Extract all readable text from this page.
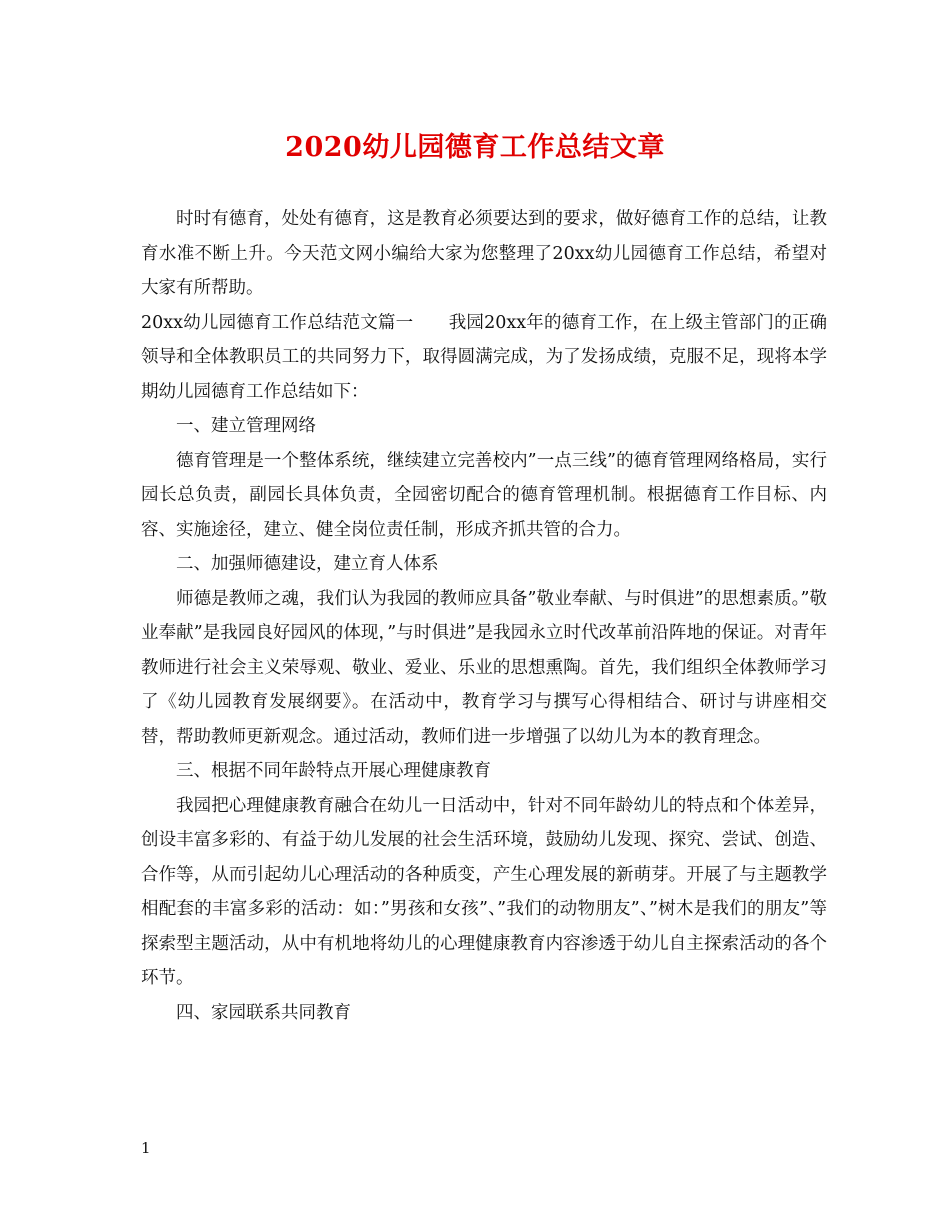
2020幼儿园德育工作总结文章

时时有德育，处处有德育，这是教育必须要达到的要求，做好德育工作的总结，让教育水准不断上升。今天范文网小编给大家为您整理了20xx幼儿园德育工作总结，希望对大家有所帮助。

20xx幼儿园德育工作总结范文篇一　　我园20xx年的德育工作，在上级主管部门的正确领导和全体教职员工的共同努力下，取得圆满完成，为了发扬成绩，克服不足，现将本学期幼儿园德育工作总结如下：

一、建立管理网络

德育管理是一个整体系统，继续建立完善校内”一点三线”的德育管理网络格局，实行园长总负责，副园长具体负责，全园密切配合的德育管理机制。根据德育工作目标、内容、实施途径，建立、健全岗位责任制，形成齐抓共管的合力。

二、加强师德建设，建立育人体系

师德是教师之魂，我们认为我园的教师应具备”敬业奉献、与时俱进”的思想素质。”敬业奉献”是我园良好园风的体现，”与时俱进”是我园永立时代改革前沿阵地的保证。对青年教师进行社会主义荣辱观、敬业、爱业、乐业的思想熏陶。首先，我们组织全体教师学习了《幼儿园教育发展纲要》。在活动中，教育学习与撰写心得相结合、研讨与讲座相交替，帮助教师更新观念。通过活动，教师们进一步增强了以幼儿为本的教育理念。

三、根据不同年龄特点开展心理健康教育

我园把心理健康教育融合在幼儿一日活动中，针对不同年龄幼儿的特点和个体差异，创设丰富多彩的、有益于幼儿发展的社会生活环境，鼓励幼儿发现、探究、尝试、创造、合作等，从而引起幼儿心理活动的各种质变，产生心理发展的新萌芽。开展了与主题教学相配套的丰富多彩的活动：如：”男孩和女孩”、”我们的动物朋友”、”树木是我们的朋友”等探索型主题活动，从中有机地将幼儿的心理健康教育内容渗透于幼儿自主探索活动的各个环节。

四、家园联系共同教育

1
